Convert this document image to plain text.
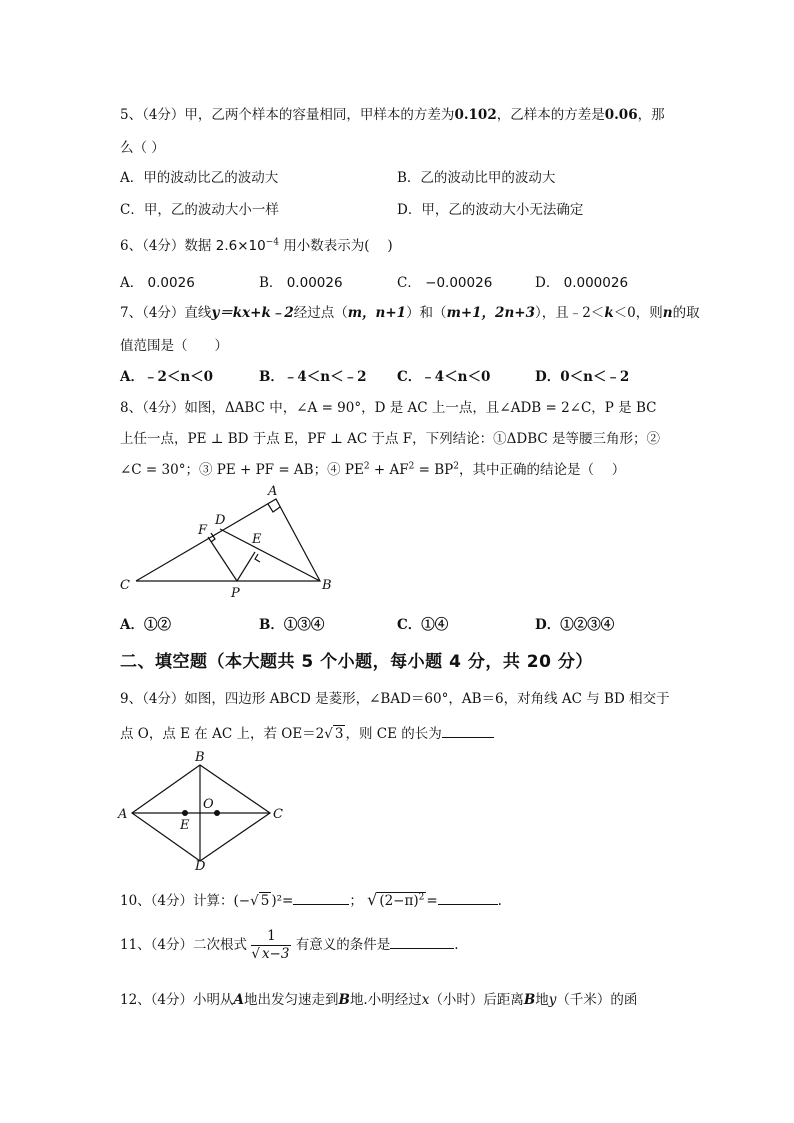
5、（4分）甲，乙两个样本的容量相同，甲样本的方差为0.102，乙样本的方差是0.06，那
么（ ）
A．甲的波动比乙的波动大	B．乙的波动比甲的波动大
C．甲，乙的波动大小一样	D．甲，乙的波动大小无法确定
6、（4分）数据 $2.6\times 10^{-4}$ 用小数表示为(　 )
A． 0.0026	B． 0.00026	C． −0.00026	D． 0.000026
7、（4分）直线y＝kx+k﹣2经过点（m，n+1）和（m+1，2n+3），且﹣2＜k＜0，则n的取
值范围是（　　）
A．﹣2＜n＜0	B．﹣4＜n＜﹣2 C．﹣4＜n＜0	D．0＜n＜﹣2
8、（4分）如图，ΔABC 中，∠A = 90°，D 是 AC 上一点，且∠ADB = 2∠C，P 是 BC
上任一点，PE ⊥ BD 于点 E，PF ⊥ AC 于点 F，下列结论：①ΔDBC 是等腰三角形；②
∠C = 30°；③ PE + PF = AB；④ $PE^2 + AF^2 = BP^2$，其中正确的结论是（　 ）
A
D
F
E
C	B
P
A．①②	B．①③④	C．①④	D．①②③④
二、填空题（本大题共 5 个小题，每小题 4 分，共 20 分）
9、（4分）如图，四边形 ABCD 是菱形，∠BAD＝60°，AB＝6，对角线 AC 与 BD 相交于
点 O，点 E 在 AC 上，若 OE＝2√ 3 ，则 CE 的长为
A
B
C
D
O
E
10、（4分）计算：(−√ 5 )²=	； √ $(2-\pi)^2$ =	.
11、（4分）二次根式 $\frac{1}{√ x-3}$ 有意义的条件是	.
12、（4分）小明从A地出发匀速走到B地.小明经过x（小时）后距离B地y（千米）的函
